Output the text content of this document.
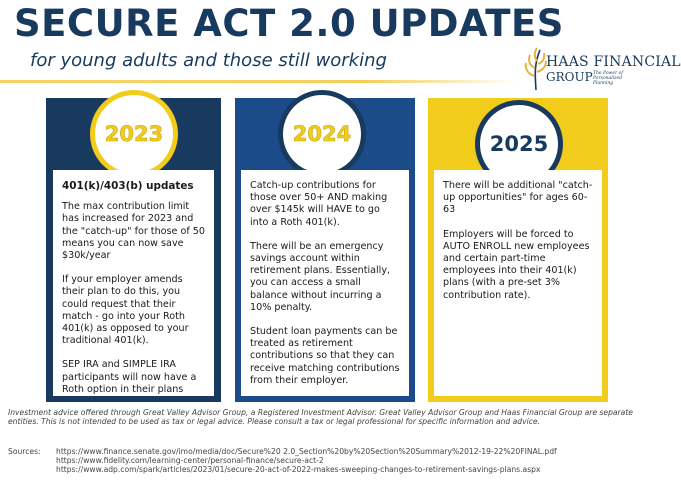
SECURE ACT 2.0 UPDATES
for young adults and those still working	HAAS FINANCIAL
GROUP The Power of Personalized Planning
2023

401(k)/403(b) updates

The max contribution limit has increased for 2023 and the "catch-up" for those of 50 means you can now save $30k/year

If your employer amends their plan to do this, you could request that their match - go into your Roth 401(k) as opposed to your traditional 401(k).

SEP IRA and SIMPLE IRA participants will now have a Roth option in their plans

2024

Catch-up contributions for those over 50+ AND making over $145k will HAVE to go into a Roth 401(k).

There will be an emergency savings account within retirement plans. Essentially, you can access a small balance without incurring a 10% penalty.

Student loan payments can be treated as retirement contributions so that they can receive matching contributions from their employer.

2025

There will be additional "catch-up opportunities" for ages 60-63

Employers will be forced to AUTO ENROLL new employees and certain part-time employees into their 401(k) plans (with a pre-set 3% contribution rate).

Investment advice offered through Great Valley Advisor Group, a Registered Investment Advisor. Great Valley Advisor Group and Haas Financial Group are separate entities. This is not intended to be used as tax or legal advice. Please consult a tax or legal professional for specific information and advice.
Sources: https://www.finance.senate.gov/imo/media/doc/Secure%20 2.0_Section%20by%20Section%20Summary%2012-19-22%20FINAL.pdf
https://www.fidelity.com/learning-center/personal-finance/secure-act-2
https://www.adp.com/spark/articles/2023/01/secure-20-act-of-2022-makes-sweeping-changes-to-retirement-savings-plans.aspx
